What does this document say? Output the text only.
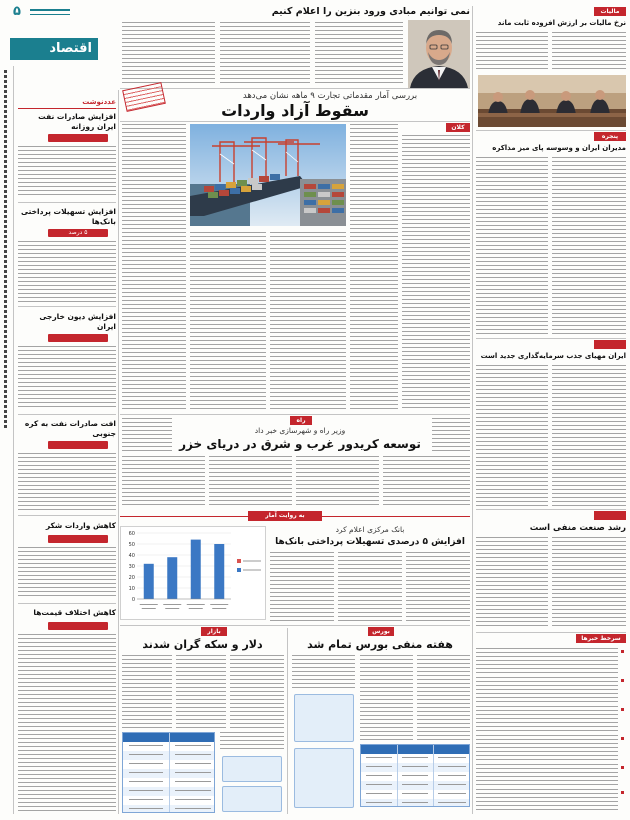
۵
اقتصاد
عددنوشت
افزایش صادرات نفت ایران روزانه
افزایش تسهیلات پرداختی بانک‌ها
۵ درصد
افزایش دیون خارجی ایران
افت صادرات نفت به کره جنوبی
کاهش واردات شکر
کاهش اختلاف قیمت‌ها
نمی توانیم مبادی ورود بنزین را اعلام کنیم
بررسی آمار مقدماتی تجارت ۹ ماهه نشان می‌دهد
سقوط آزاد واردات
کلان
راه
وزیر راه و شهرسازی خبر داد
توسعه کریدور غرب و شرق در دریای خزر
به روایت آمار
0
10
20
30
40
50
60	بانک مرکزی اعلام کرد
افزایش ۵ درصدی تسهیلات پرداختی بانک‌ها
بازار	بورس
دلار و سکه گران شدند	هفته منفی بورس تمام شد
مالیات
نرخ مالیات بر ارزش افزوده ثابت ماند
پنجره
مدیران ایران و وسوسه پای میز مذاکره
ایران مهیای جذب سرمایه‌گذاری جدید است
رشد صنعت منفی است
سرخط خبرها
